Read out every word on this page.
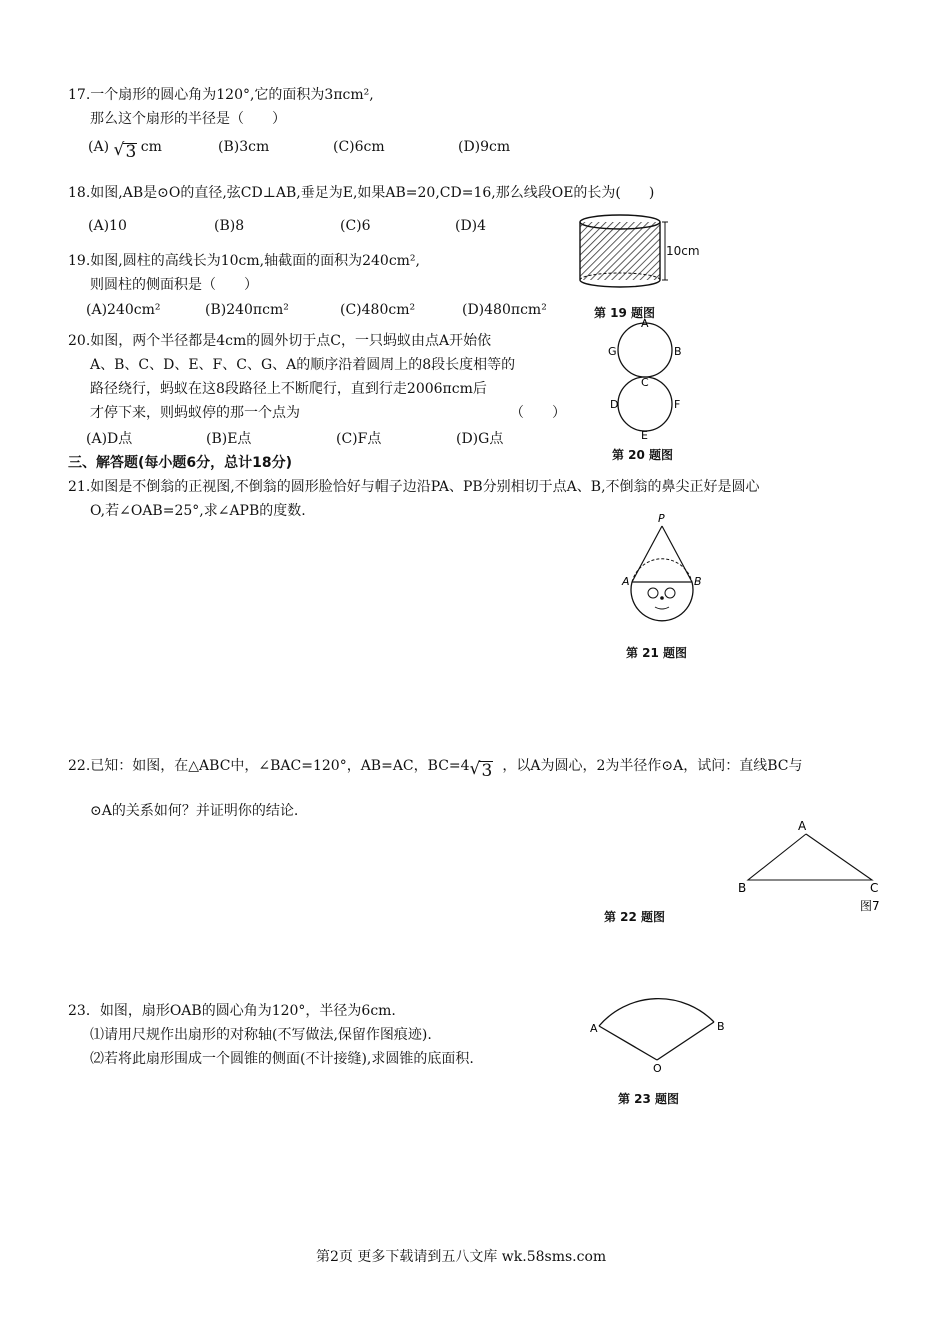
17.一个扇形的圆心角为120°,它的面积为3πcm²,
那么这个扇形的半径是（　　）
(A) √ 3 cm	(B)3cm	(C)6cm	(D)9cm
18.如图,AB是⊙O的直径,弦CD⊥AB,垂足为E,如果AB=20,CD=16,那么线段OE的长为(　　)
(A)10	(B)8	(C)6	(D)4
19.如图,圆柱的高线长为10cm,轴截面的面积为240cm²,
则圆柱的侧面积是（　　）
(A)240cm²	(B)240πcm²	(C)480cm²	(D)480πcm²
10cm
第 19 题图
20.如图，两个半径都是4cm的圆外切于点C，一只蚂蚁由点A开始依
A、B、C、D、E、F、C、G、A的顺序沿着圆周上的8段长度相等的
路径绕行，蚂蚁在这8段路径上不断爬行，直到行走2006πcm后
才停下来，则蚂蚁停的那一个点为	（　　）
(A)D点	(B)E点	(C)F点	(D)G点
A
B
C
D
E
F
G
第 20 题图
三、解答题(每小题6分，总计18分)
21.如图是不倒翁的正视图,不倒翁的圆形脸恰好与帽子边沿PA、PB分别相切于点A、B,不倒翁的鼻尖正好是圆心
O,若∠OAB=25°,求∠APB的度数.	P
A	B
第 21 题图
22.已知：如图，在△ABC中，∠BAC=120°，AB=AC，BC=4 √ 3 ，以A为圆心，2为半径作⊙A，试问：直线BC与
⊙A的关系如何？并证明你的结论.
A
B	C
图7
第 22 题图
23．如图，扇形OAB的圆心角为120°，半径为6cm.
⑴请用尺规作出扇形的对称轴(不写做法,保留作图痕迹).
⑵若将此扇形围成一个圆锥的侧面(不计接缝),求圆锥的底面积.
A	B
O
第 23 题图
第2页 更多下载请到五八文库 wk.58sms.com
